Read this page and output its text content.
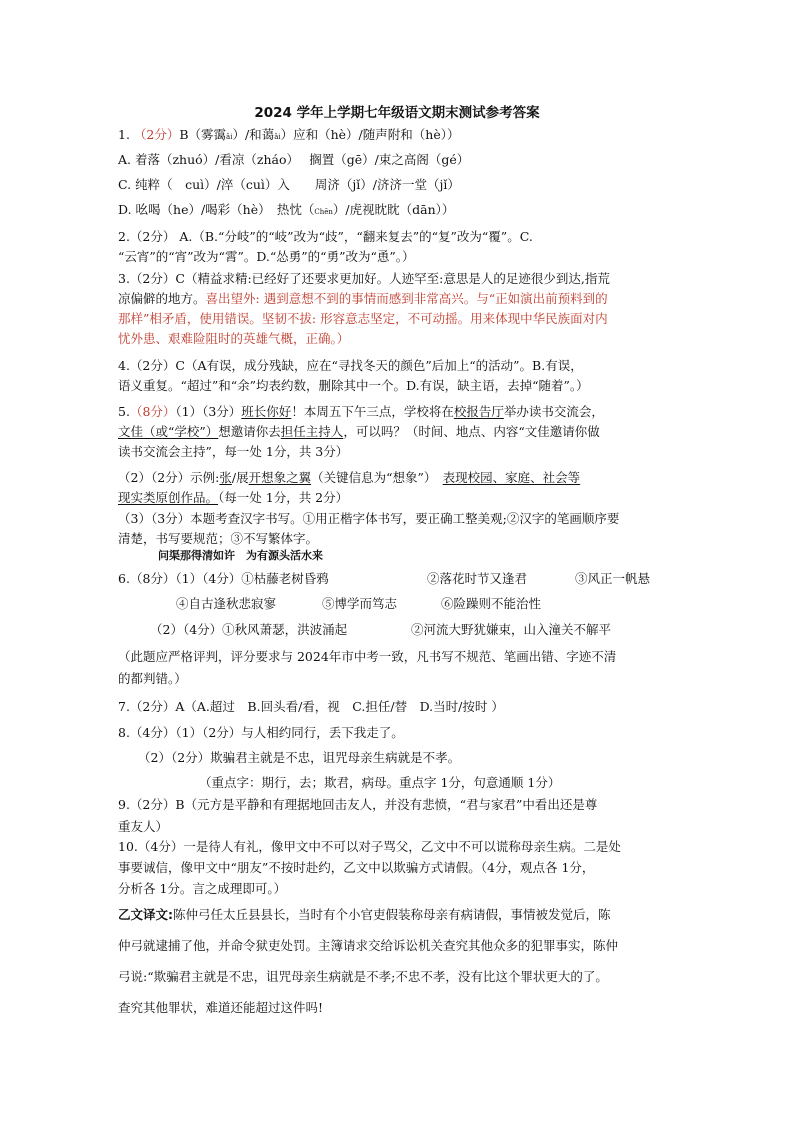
2024 学年上学期七年级语文期末测试参考答案
1. （2分）B（雾霭ǎi）/和蔼ǎi）应和（hè）/随声附和（hè））
A. 着落（zhuó）/看凉（zháo）　 搁置（gē）/束之高阁（gé）
C. 纯粹（　cuì）/淬（cuì）入　　周济（jǐ）/济济一堂（jǐ）
D. 吆喝（he）/喝彩（hè）　热忱（Chēn）/虎视眈眈（dān））
2.（2分） A.（B.“分岐”的“岐”改为“歧”，“翻来复去”的“复”改为“覆”。C.
“云宵”的“宵”改为“霄”。D.“怂勇”的“勇”改为“恿”。）
3.（2分）C（精益求精:已经好了还要求更加好。人迹罕至:意思是人的足迹很少到达,指荒
凉偏僻的地方。喜出望外: 遇到意想不到的事情而感到非常高兴。与“正如演出前预料到的
那样”相矛盾，使用错误。坚韧不拔: 形容意志坚定，不可动摇。用来体现中华民族面对内
忧外患、艰难险阻时的英雄气概，正确。）
4.（2分）C（A有误，成分残缺，应在“寻找冬天的颜色”后加上“的活动”。B.有误，
语义重复。“超过”和“余”均表约数，删除其中一个。D.有误，缺主语，去掉“随着”。）
5.（8分）（1）（3分）班长你好！本周五下午三点，学校将在校报告厅举办读书交流会，
文佳（或“学校”）想邀请你去担任主持人，可以吗？（时间、地点、内容“文佳邀请你做
读书交流会主持”，每一处 1分，共 3分）
（2）（2分）示例:张/展开想象之翼（关键信息为“想象”）　表现校园、家庭、社会等
现实类原创作品。（每一处 1分，共 2分）
（3）（3分）本题考查汉字书写。①用正楷字体书写，要正确工整美观;②汉字的笔画顺序要
清楚，书写要规范；③不写繁体字。
问渠那得清如许　为有源头活水来
6.（8分）（1）（4分）①枯藤老树昏鸦	②落花时节又逢君	③风正一帆悬
④自古逢秋悲寂寥	⑤博学而笃志	⑥险躁则不能治性
（2）（4分）①秋风萧瑟，洪波涌起	②河流大野犹嫌束，山入潼关不解平
（此题应严格评判，评分要求与 2024年市中考一致，凡书写不规范、笔画出错、字迹不清
的都判错。）
7.（2分）A（A.超过　B.回头看/看，视　C.担任/替　D.当时/按时 ）
8.（4分）（1）（2分）与人相约同行，丢下我走了。
（2）（2分）欺骗君主就是不忠，诅咒母亲生病就是不孝。
（重点字：期行，去；欺君，病母。重点字 1分，句意通顺 1分）
9.（2分）B（元方是平静和有理据地回击友人，并没有悲愤，“君与家君”中看出还是尊
重友人）
10.（4分）一是待人有礼，像甲文中不可以对子骂父，乙文中不可以谎称母亲生病。二是处
事要诚信，像甲文中“朋友”不按时赴约，乙文中以欺骗方式请假。（4分，观点各 1分，
分析各 1分。言之成理即可。）
乙文译文:陈仲弓任太丘县县长，当时有个小官吏假装称母亲有病请假，事情被发觉后，陈
仲弓就逮捕了他，并命令狱吏处罚。主簿请求交给诉讼机关查究其他众多的犯罪事实，陈仲
弓说:“欺骗君主就是不忠，诅咒母亲生病就是不孝;不忠不孝，没有比这个罪状更大的了。
查究其他罪状，难道还能超过这件吗!
